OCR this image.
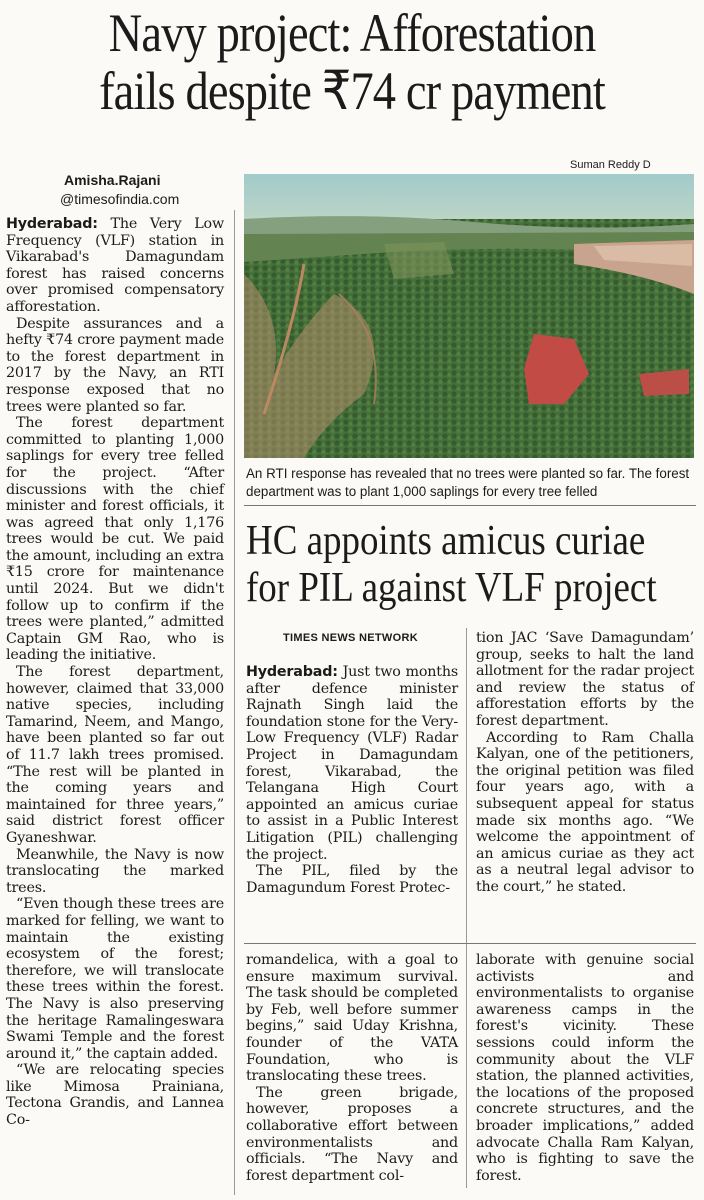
Navy project: Afforestation
fails despite ₹74 cr payment
Amisha.Rajani
@timesofindia.com
Suman Reddy D

Hyderabad: The Very Low Frequency (VLF) station in Vikarabad's Damagundam forest has raised concerns over promised compensatory afforestation.

Despite assurances and a hefty ₹74 crore payment made to the forest department in 2017 by the Navy, an RTI response exposed that no trees were planted so far.

The forest department committed to planting 1,000 saplings for every tree felled for the project. “After discussions with the chief minister and forest officials, it was agreed that only 1,176 trees would be cut. We paid the amount, including an extra ₹15 crore for maintenance until 2024. But we didn't follow up to confirm if the trees were planted,” admitted Captain GM Rao, who is leading the initiative.

The forest department, however, claimed that 33,000 native species, including Tamarind, Neem, and Mango, have been planted so far out of 11.7 lakh trees promised. “The rest will be planted in the coming years and maintained for three years,” said district forest officer Gyaneshwar.

Meanwhile, the Navy is now translocating the marked trees.

“Even though these trees are marked for felling, we want to maintain the existing ecosystem of the forest; therefore, we will translocate these trees within the forest. The Navy is also preserving the heritage Ramalingeswara Swami Temple and the forest around it,” the captain added.

“We are relocating species like Mimosa Prainiana, Tectona Grandis, and Lannea Co-

An RTI response has revealed that no trees were planted so far. The forest department was to plant 1,000 saplings for every tree felled
HC appoints amicus curiae
for PIL against VLF project
TIMES NEWS NETWORK

Hyderabad: Just two months after defence minister Rajnath Singh laid the foundation stone for the Very-Low Frequency (VLF) Radar Project in Damagundam forest, Vikarabad, the Telangana High Court appointed an amicus curiae to assist in a Public Interest Litigation (PIL) challenging the project.

The PIL, filed by the Damagundum Forest Protec-

tion JAC ‘Save Damagundam’ group, seeks to halt the land allotment for the radar project and review the status of afforestation efforts by the forest department.

According to Ram Challa Kalyan, one of the petitioners, the original petition was filed four years ago, with a subsequent appeal for status made six months ago. “We welcome the appointment of an amicus curiae as they act as a neutral legal advisor to the court,” he stated.

romandelica, with a goal to ensure maximum survival. The task should be completed by Feb, well before summer begins,” said Uday Krishna, founder of the VATA Foundation, who is translocating these trees.

The green brigade, however, proposes a collaborative effort between environmentalists and officials. “The Navy and forest department col-

laborate with genuine social activists and environmentalists to organise awareness camps in the forest's vicinity. These sessions could inform the community about the VLF station, the planned activities, the locations of the proposed concrete structures, and the broader implications,” added advocate Challa Ram Kalyan, who is fighting to save the forest.
